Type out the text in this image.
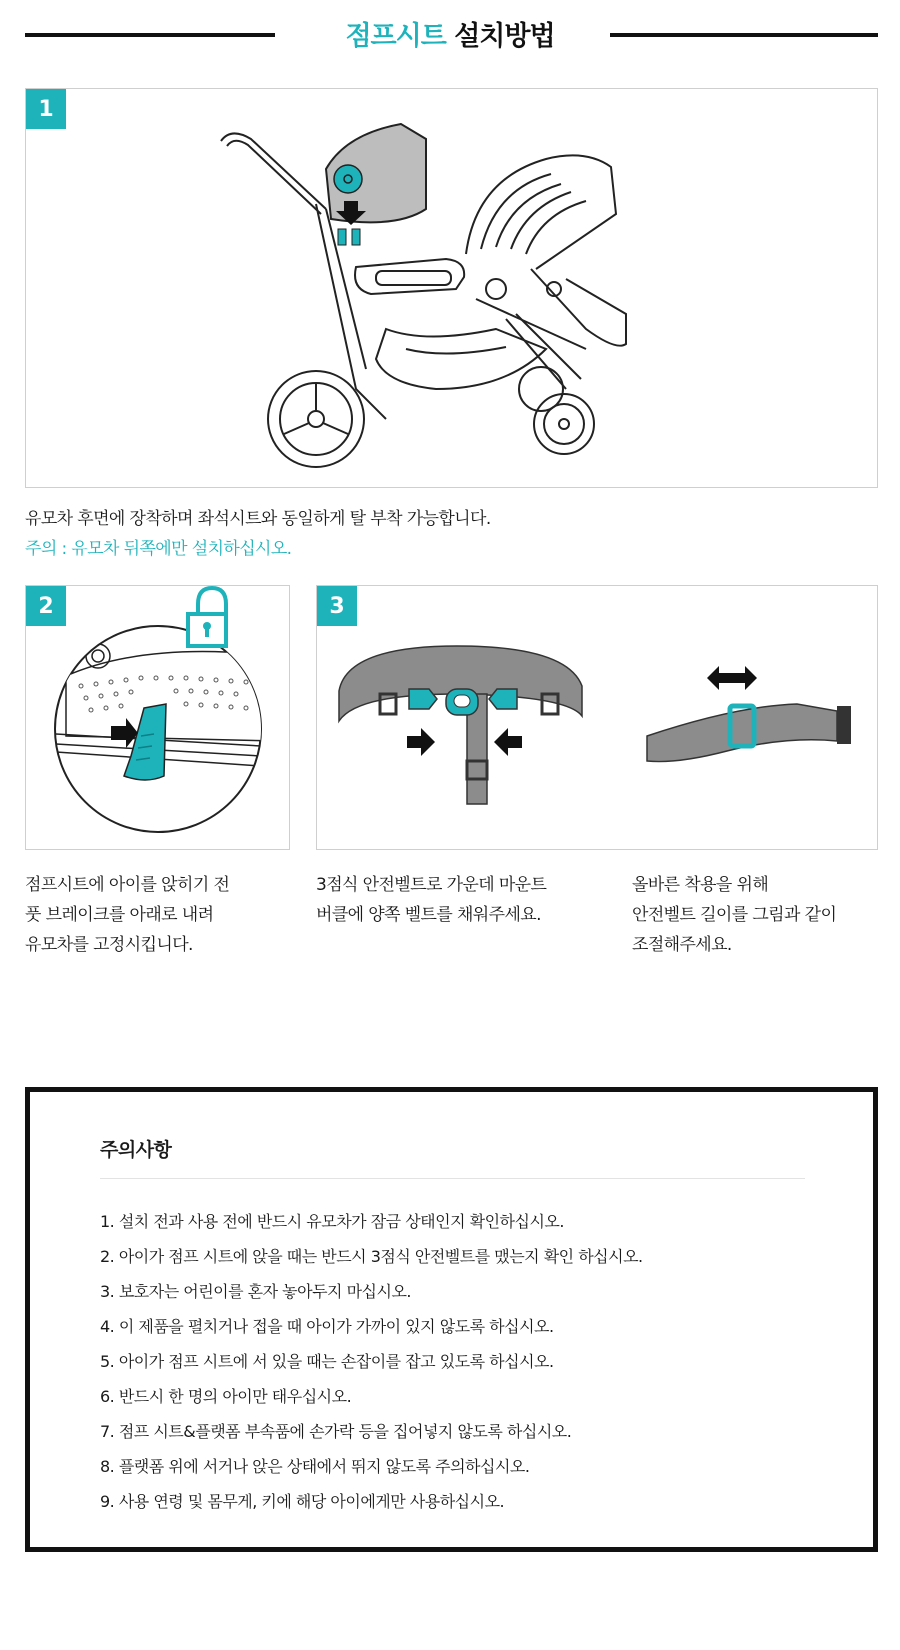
점프시트 설치방법
1
유모차 후면에 장착하며 좌석시트와 동일하게 탈 부착 가능합니다.
주의 : 유모차 뒤쪽에만 설치하십시오.
2
점프시트에 아이를 앉히기 전
풋 브레이크를 아래로 내려
유모차를 고정시킵니다.
3
3점식 안전벨트로 가운데 마운트
버클에 양쪽 벨트를 채워주세요.
올바른 착용을 위해
안전벨트 길이를 그림과 같이
조절해주세요.
주의사항
1. 설치 전과 사용 전에 반드시 유모차가 잠금 상태인지 확인하십시오.
2. 아이가 점프 시트에 앉을 때는 반드시 3점식 안전벨트를 맸는지 확인 하십시오.
3. 보호자는 어린이를 혼자 놓아두지 마십시오.
4. 이 제품을 펼치거나 접을 때 아이가 가까이 있지 않도록 하십시오.
5. 아이가 점프 시트에 서 있을 때는 손잡이를 잡고 있도록 하십시오.
6. 반드시 한 명의 아이만 태우십시오.
7. 점프 시트&플랫폼 부속품에 손가락 등을 집어넣지 않도록 하십시오.
8. 플랫폼 위에 서거나 앉은 상태에서 뛰지 않도록 주의하십시오.
9. 사용 연령 및 몸무게, 키에 해당 아이에게만 사용하십시오.
